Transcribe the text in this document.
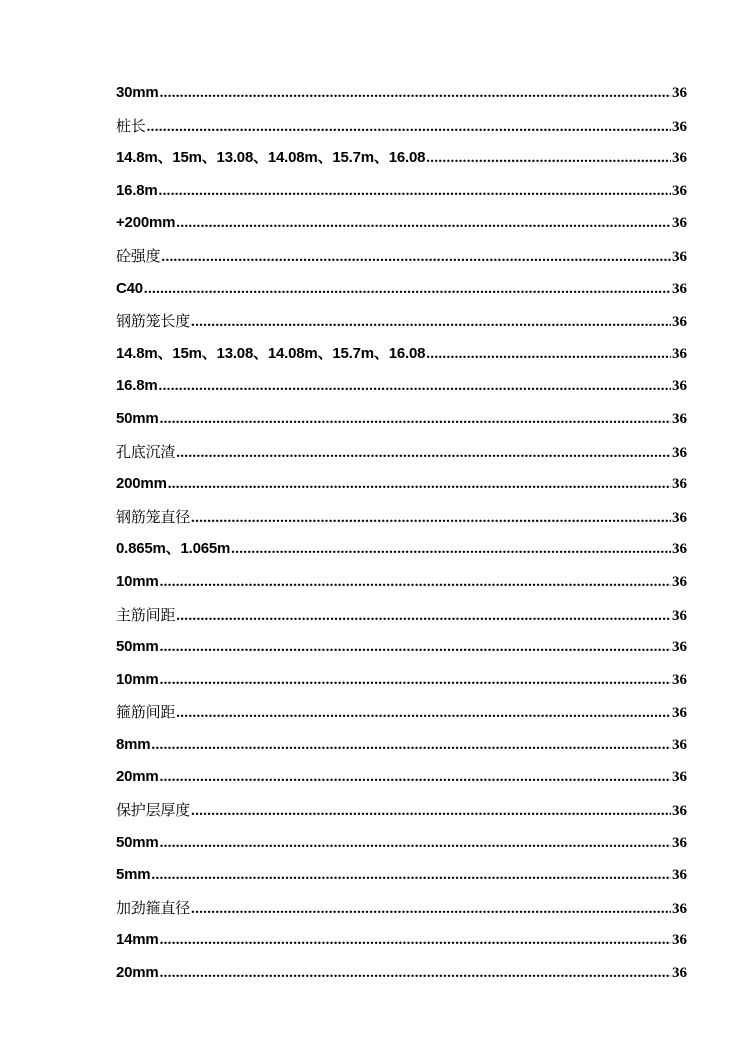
30mm .....	36
桩长 .....	36
14.8m、15m、13.08、14.08m、15.7m、16.08 .....	36
16.8m .....	36
+200mm .....	36
砼强度 .....	36
C40 .....	36
钢筋笼长度 .....	36
14.8m、15m、13.08、14.08m、15.7m、16.08 .....	36
16.8m .....	36
50mm .....	36
孔底沉渣 .....	36
200mm .....	36
钢筋笼直径 .....	36
0.865m、1.065m .....	36
10mm .....	36
主筋间距 .....	36
50mm .....	36
10mm .....	36
箍筋间距 .....	36
8mm .....	36
20mm .....	36
保护层厚度 .....	36
50mm .....	36
5mm .....	36
加劲箍直径 .....	36
14mm .....	36
20mm .....	36
